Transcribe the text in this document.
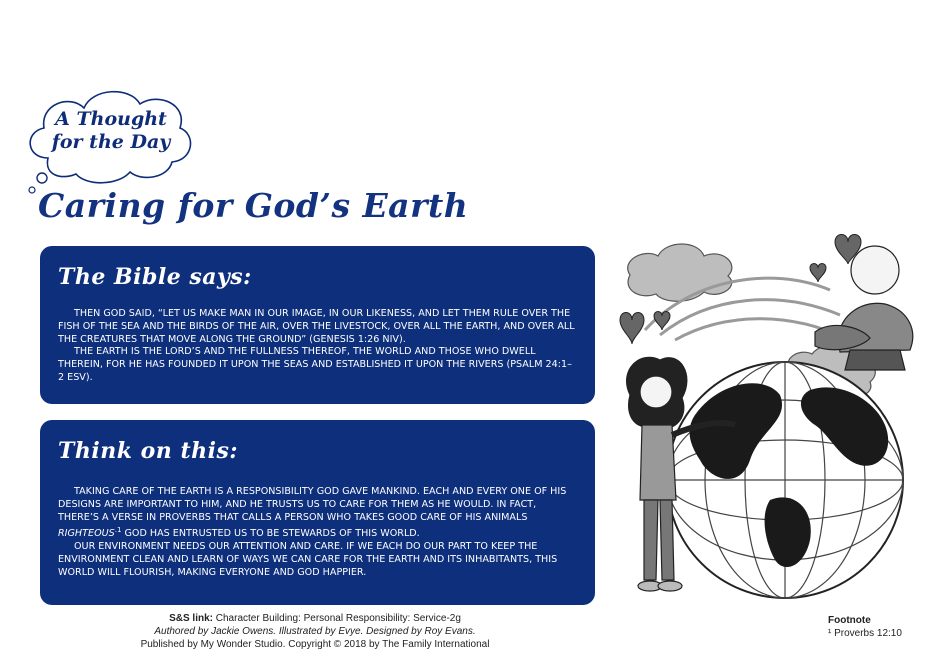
A Thought
for the Day
Caring for God’s Earth
The Bible says:

THEN GOD SAID, “LET US MAKE MAN IN OUR IMAGE, IN OUR LIKENESS, AND LET THEM RULE OVER THE FISH OF THE SEA AND THE BIRDS OF THE AIR, OVER THE LIVESTOCK, OVER ALL THE EARTH, AND OVER ALL THE CREATURES THAT MOVE ALONG THE GROUND” (GENESIS 1:26 NIV).

THE EARTH IS THE LORD’S AND THE FULLNESS THEREOF, THE WORLD AND THOSE WHO DWELL THEREIN, FOR HE HAS FOUNDED IT UPON THE SEAS AND ESTABLISHED IT UPON THE RIVERS (PSALM 24:1–2 ESV).

Think on this:

TAKING CARE OF THE EARTH IS A RESPONSIBILITY GOD GAVE MANKIND. EACH AND EVERY ONE OF HIS DESIGNS ARE IMPORTANT TO HIM, AND HE TRUSTS US TO CARE FOR THEM AS HE WOULD. IN FACT, THERE’S A VERSE IN PROVERBS THAT CALLS A PERSON WHO TAKES GOOD CARE OF HIS ANIMALS $RIGHTEOUS^{.1}$ GOD HAS ENTRUSTED US TO BE STEWARDS OF THIS WORLD.

OUR ENVIRONMENT NEEDS OUR ATTENTION AND CARE. IF WE EACH DO OUR PART TO KEEP THE ENVIRONMENT CLEAN AND LEARN OF WAYS WE CAN CARE FOR THE EARTH AND ITS INHABITANTS, THIS WORLD WILL FLOURISH, MAKING EVERYONE AND GOD HAPPIER.

S&S link: Character Building: Personal Responsibility: Service-2g
Authored by Jackie Owens. Illustrated by Evye. Designed by Roy Evans.
Published by My Wonder Studio. Copyright © 2018 by The Family International
Footnote
¹ Proverbs 12:10
